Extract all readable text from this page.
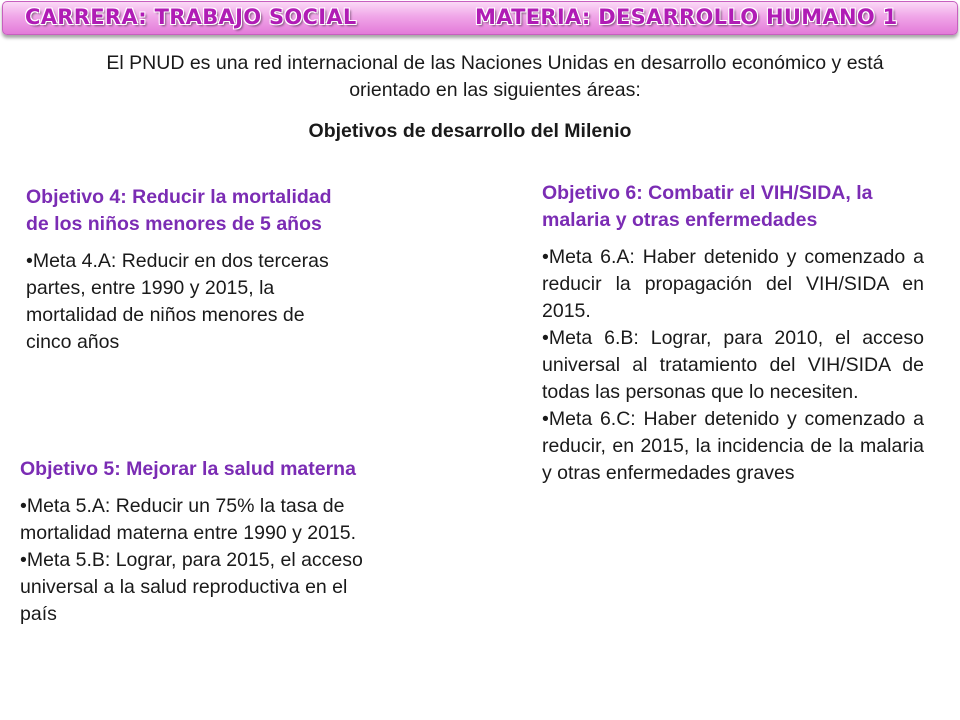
CARRERA: TRABAJO SOCIAL	MATERIA: DESARROLLO HUMANO 1
El PNUD es una red internacional de las Naciones Unidas en desarrollo económico y está orientado en las siguientes áreas:
Objetivos de desarrollo del Milenio
Objetivo 4: Reducir la mortalidad de los niños menores de 5 años
•Meta 4.A: Reducir en dos terceras partes, entre 1990 y 2015, la mortalidad de niños menores de cinco años
Objetivo 5: Mejorar la salud materna
•Meta 5.A: Reducir un 75% la tasa de mortalidad materna entre 1990 y 2015.
•Meta 5.B: Lograr, para 2015, el acceso universal a la salud reproductiva en el país
Objetivo 6: Combatir el VIH/SIDA, la malaria y otras enfermedades
•Meta 6.A: Haber detenido y comenzado a reducir la propagación del VIH/SIDA en 2015.
•Meta 6.B: Lograr, para 2010, el acceso universal al tratamiento del VIH/SIDA de todas las personas que lo necesiten.
•Meta 6.C: Haber detenido y comenzado a reducir, en 2015, la incidencia de la malaria y otras enfermedades graves
